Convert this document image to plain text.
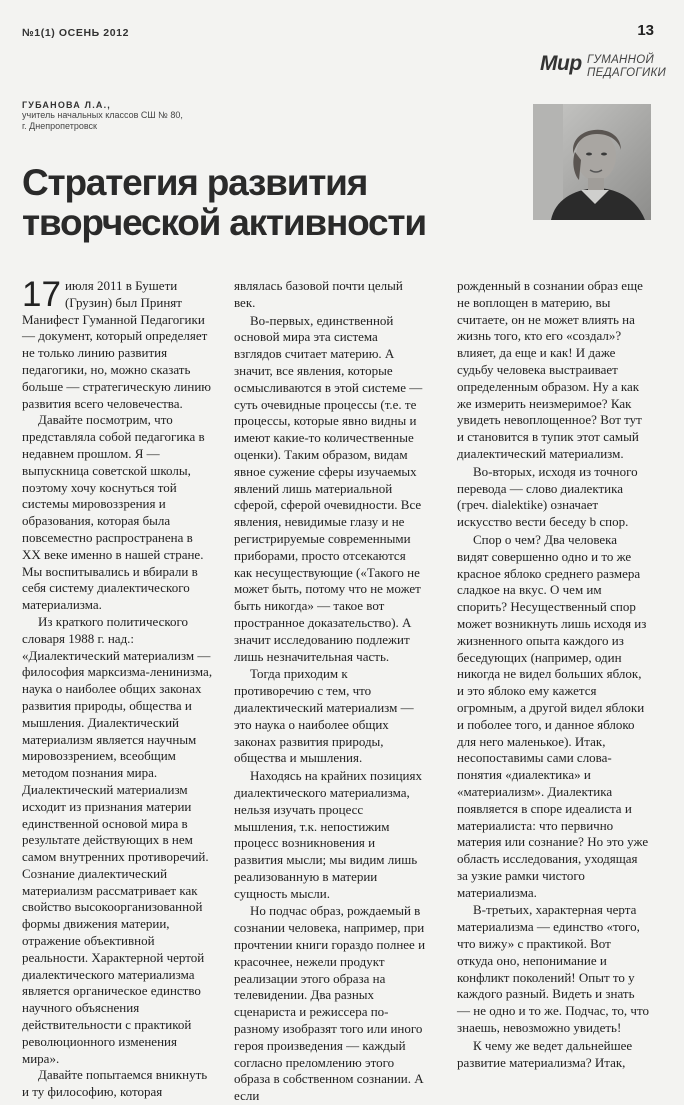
№1(1) ОСЕНЬ 2012	13
Мир ГУМАННОЙ
ПЕДАГОГИКИ
ГУБАНОВА Л.А.,
учитель начальных классов СШ № 80,
г. Днепропетровск
Стратегия развития
творческой активности

17 июля 2011 в Бушети (Грузин) был Принят Манифест Гуманной Педагогики — документ, который определяет не только линию развития педагогики, но, можно сказать больше — стратегическую линию развития всего человечества.

Давайте посмотрим, что представляла собой педагогика в недавнем прошлом. Я — выпускница советской школы, поэтому хочу коснуться той системы мировоззрения и образования, которая была повсеместно распространена в XX веке именно в нашей стране. Мы воспитывались и вбирали в себя систему диалектического материализма.

Из краткого политического словаря 1988 г. над.: «Диалектический материализм — философия марксизма-ленинизма, наука о наиболее общих законах развития природы, общества и мышления. Диалектический материализм является научным мировоззрением, всеобщим методом познания мира. Диалектический материализм исходит из признания материи единственной основой мира в результате действующих в нем самом внутренних противоречий. Сознание диалектический материализм рассматривает как свойство высокоорганизованной формы движения материи, отражение объективной реальности. Характерной чертой диалектического материализма является органическое единство научного объяснения действительности с практикой революционного изменения мира».

Давайте попытаемся вникнуть и ту философию, которая

являлась базовой почти целый век.

Во-первых, единственной основой мира эта система взглядов считает материю. А значит, все явления, которые осмысливаются в этой системе — суть очевидные процессы (т.е. те процессы, которые явно видны и имеют какие-то количественные оценки). Таким образом, видам явное сужение сферы изучаемых явлений лишь материальной сферой, сферой очевидности. Все явления, невидимые глазу и не регистрируемые современными приборами, просто отсекаются как несуществующие («Такого не может быть, потому что не может быть никогда» — такое вот пространное доказательство). А значит исследованию подлежит лишь незначительная часть.

Тогда приходим к противоречию с тем, что диалектический материализм — это наука о наиболее общих законах развития природы, общества и мышления.

Находясь на крайних позициях диалектического материализма, нельзя изучать процесс мышления, т.к. непостижим процесс возникновения и развития мысли; мы видим лишь реализованную в материи сущность мысли.

Но подчас образ, рождаемый в сознании человека, например, при прочтении книги гораздо полнее и красочнее, нежели продукт реализации этого образа на телевидении. Два разных сценариста и режиссера по-разному изобразят того или иного героя произведения — каждый согласно преломлению этого образа в собственном сознании. А если

рожденный в сознании образ еще не воплощен в материю, вы считаете, он не может влиять на жизнь того, кто его «создал»? влияет, да еще и как! И даже судьбу человека выстраивает определенным образом. Ну а как же измерить неизмеримое? Как увидеть невоплощенное? Вот тут и становится в тупик этот самый диалектический материализм.

Во-вторых, исходя из точного перевода — слово диалектика (греч. dialektike) означает искусство вести беседу b спор.

Спор о чем? Два человека видят совершенно одно и то же красное яблоко среднего размера сладкое на вкус. О чем им спорить? Несущественный спор может возникнуть лишь исходя из жизненного опыта каждого из беседующих (например, один никогда не видел больших яблок, и это яблоко ему кажется огромным, а другой видел яблоки и поболее того, и данное яблоко для него маленькое). Итак, несопоставимы сами слова-понятия «диалектика» и «материализм». Диалектика появляется в споре идеалиста и материалиста: что первично материя или сознание? Но это уже область исследования, уходящая за узкие рамки чистого материализма.

В-третьих, характерная черта материализма — единство «того, что вижу» с практикой. Вот откуда оно, непонимание и конфликт поколений! Опыт то у каждого разный. Видеть и знать — не одно и то же. Подчас, то, что знаешь, невозможно увидеть!

К чему же ведет дальнейшее развитие материализма? Итак,
